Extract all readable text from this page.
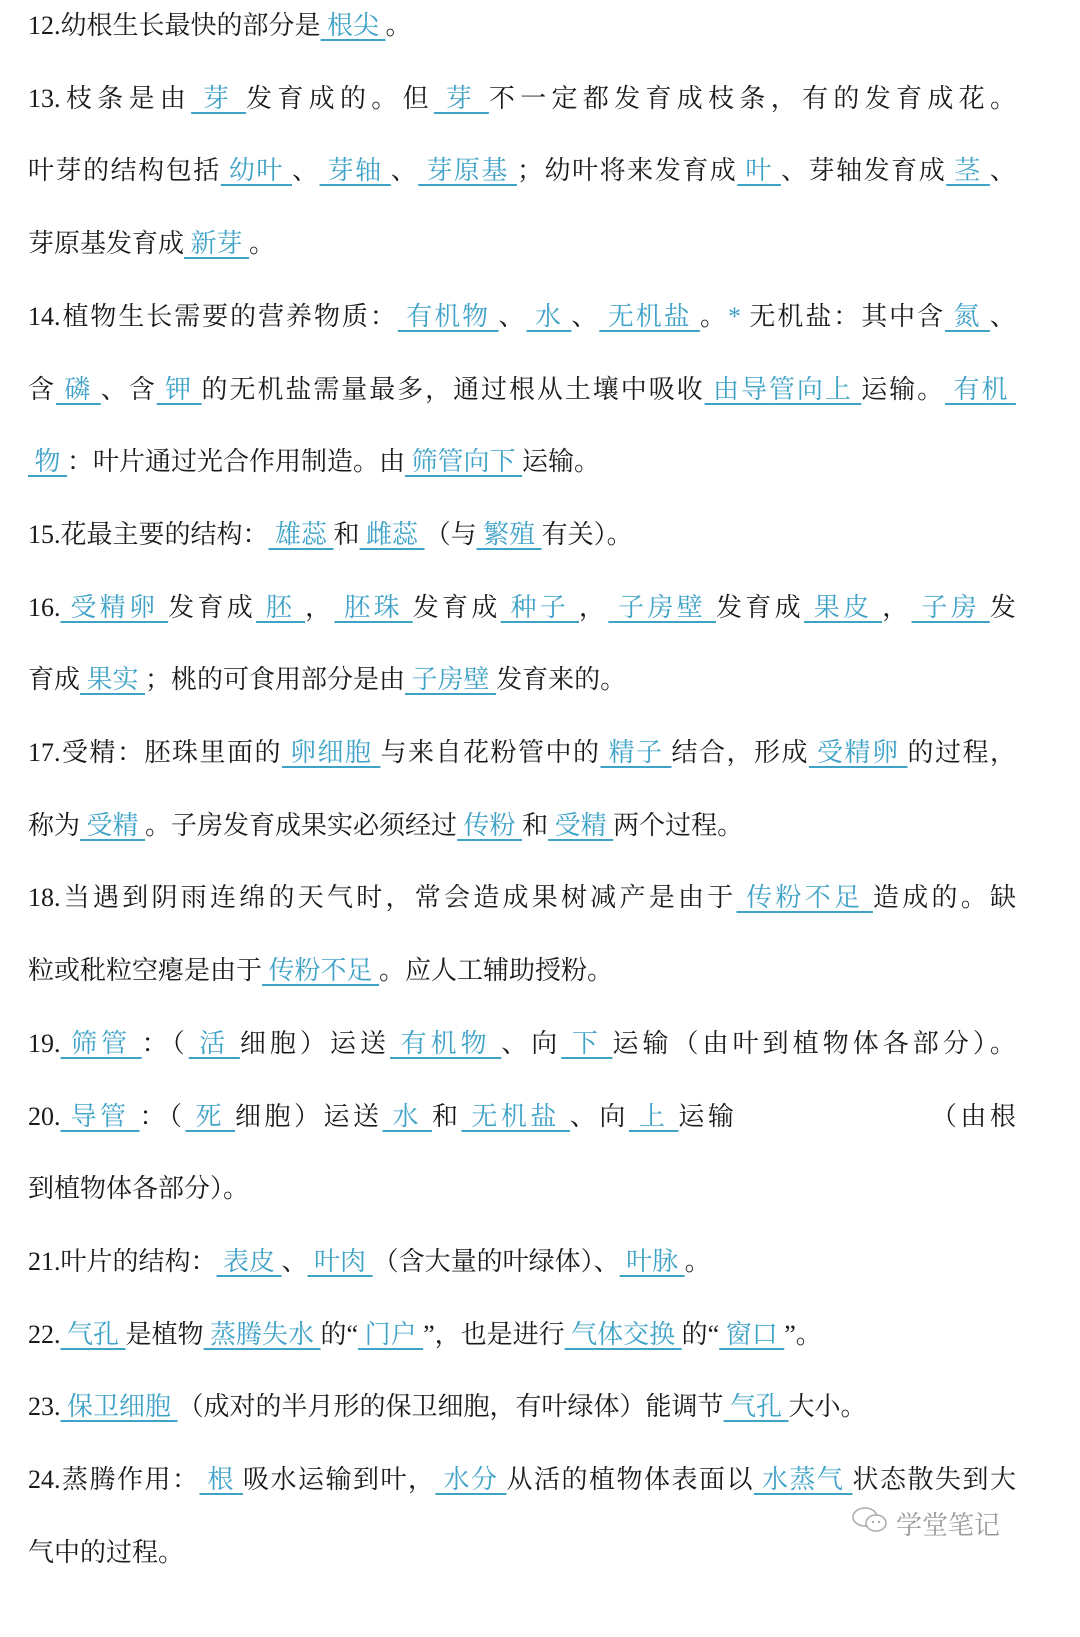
12.幼根生长最快的部分是 根尖 。
13.枝条是由 芽 发育成的。但 芽 不一定都发育成枝条，有的发育成花。
叶芽的结构包括 幼叶 、 芽轴 、 芽原基 ；幼叶将来发育成 叶 、芽轴发育成 茎 、
芽原基发育成 新芽 。
14.植物生长需要的营养物质： 有机物 、 水 、 无机盐 。* 无机盐：其中含 氮 、
含 磷 、含 钾 的无机盐需量最多，通过根从土壤中吸收 由导管向上 运输。 有机
物 ：叶片通过光合作用制造。由 筛管向下 运输。
15.花最主要的结构： 雄蕊 和 雌蕊 （与 繁殖 有关）。
16. 受精卵 发育成 胚 ， 胚珠 发育成 种子 ， 子房壁 发育成 果皮 ， 子房 发
育成 果实 ；桃的可食用部分是由 子房壁 发育来的。
17.受精：胚珠里面的 卵细胞 与来自花粉管中的 精子 结合，形成 受精卵 的过程，
称为 受精 。子房发育成果实必须经过 传粉 和 受精 两个过程。
18.当遇到阴雨连绵的天气时，常会造成果树减产是由于 传粉不足 造成的。缺
粒或秕粒空瘪是由于 传粉不足 。应人工辅助授粉。
19. 筛管 ：（ 活 细胞）运送 有机物 、向 下 运输（由叶到植物体各部分）。
20. 导管 ：（ 死 细胞）运送 水 和 无机盐 、向 上 运输	（由根
到植物体各部分）。
21.叶片的结构： 表皮 、 叶肉 （含大量的叶绿体）、 叶脉 。
22. 气孔 是植物 蒸腾失水 的“ 门户 ”，也是进行 气体交换 的“ 窗口 ”。
23. 保卫细胞 （成对的半月形的保卫细胞，有叶绿体）能调节 气孔 大小。
24.蒸腾作用： 根 吸水运输到叶， 水分 从活的植物体表面以 水蒸气 状态散失到大
气中的过程。
学堂笔记
